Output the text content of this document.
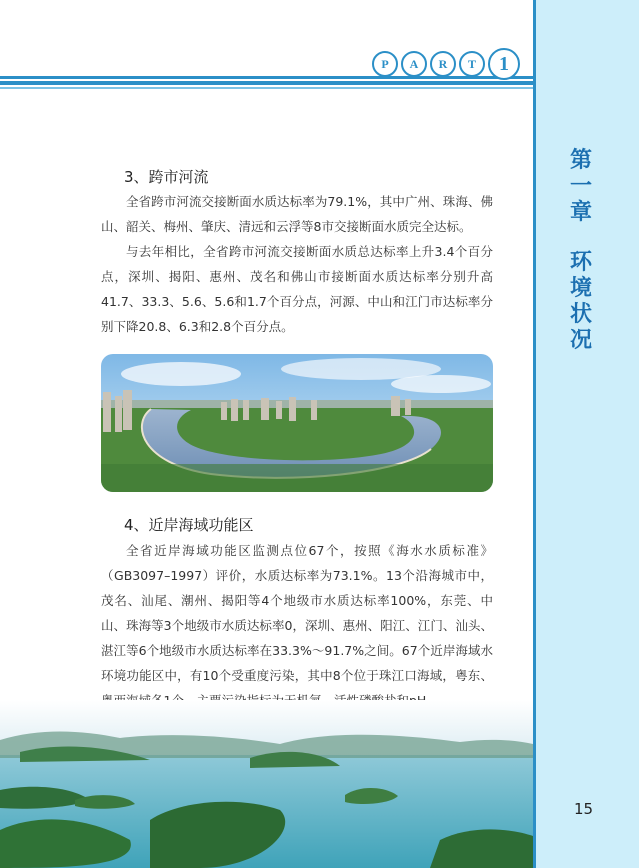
P	A	R	T	1
第
一
章
环
境
状
况
3、跨市河流

全省跨市河流交接断面水质达标率为79.1%，其中广州、珠海、佛山、韶关、梅州、肇庆、清远和云浮等8市交接断面水质完全达标。

与去年相比，全省跨市河流交接断面水质总达标率上升3.4个百分点，深圳、揭阳、惠州、茂名和佛山市接断面水质达标率分别升高41.7、33.3、5.6、5.6和1.7个百分点，河源、中山和江门市达标率分别下降20.8、6.3和2.8个百分点。

4、近岸海域功能区

全省近岸海域功能区监测点位67个，按照《海水水质标准》（GB3097–1997）评价，水质达标率为73.1%。13个沿海城市中，茂名、汕尾、潮州、揭阳等4个地级市水质达标率100%，东莞、中山、珠海等3个地级市水质达标率0，深圳、惠州、阳江、江门、汕头、湛江等6个地级市水质达标率在33.3%～91.7%之间。67个近岸海域水环境功能区中，有10个受重度污染，其中8个位于珠江口海域，粤东、

15
